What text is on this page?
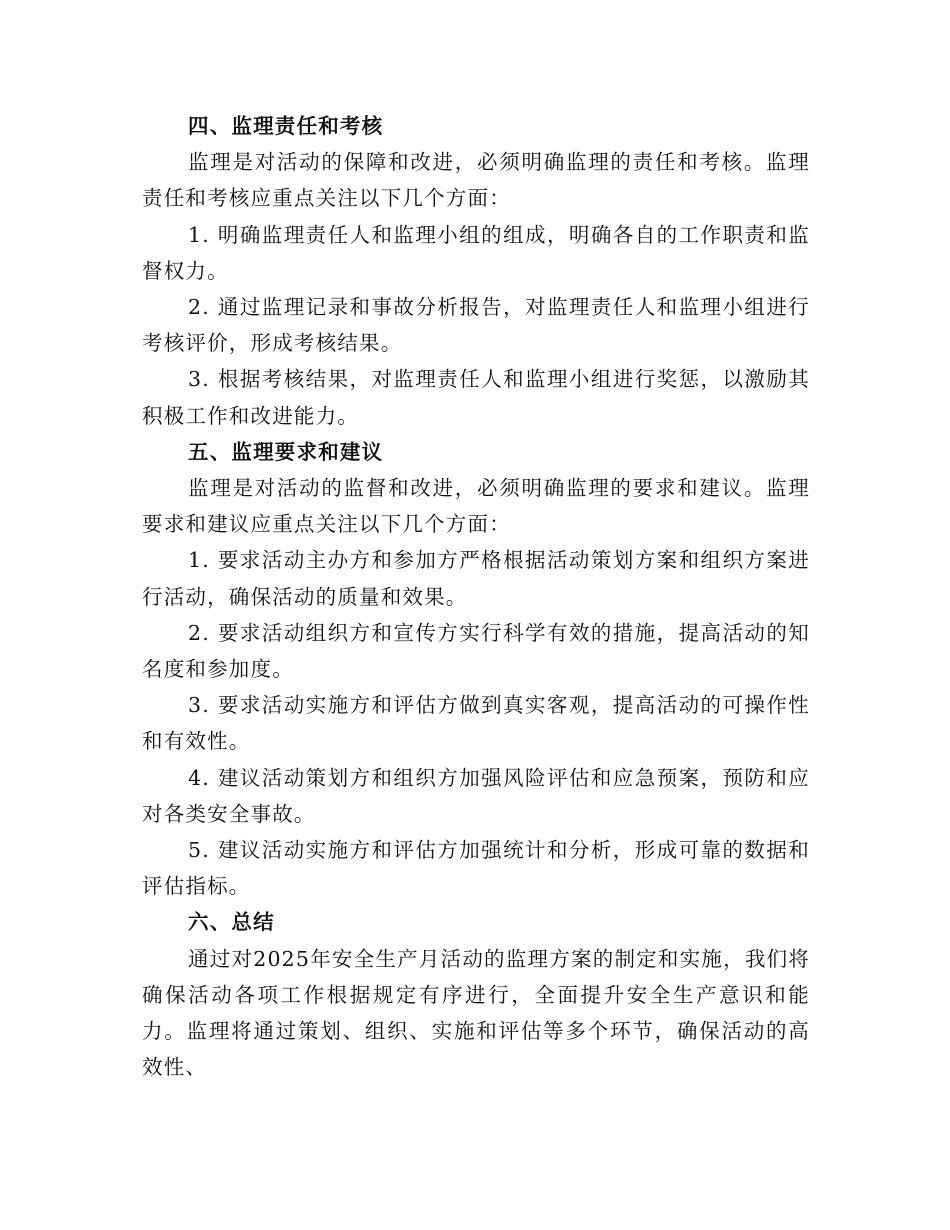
四、监理责任和考核

监理是对活动的保障和改进，必须明确监理的责任和考核。监理责任和考核应重点关注以下几个方面：

1. 明确监理责任人和监理小组的组成，明确各自的工作职责和监督权力。

2. 通过监理记录和事故分析报告，对监理责任人和监理小组进行考核评价，形成考核结果。

3. 根据考核结果，对监理责任人和监理小组进行奖惩，以激励其积极工作和改进能力。

五、监理要求和建议

监理是对活动的监督和改进，必须明确监理的要求和建议。监理要求和建议应重点关注以下几个方面：

1. 要求活动主办方和参加方严格根据活动策划方案和组织方案进行活动，确保活动的质量和效果。

2. 要求活动组织方和宣传方实行科学有效的措施，提高活动的知名度和参加度。

3. 要求活动实施方和评估方做到真实客观，提高活动的可操作性和有效性。

4. 建议活动策划方和组织方加强风险评估和应急预案，预防和应对各类安全事故。

5. 建议活动实施方和评估方加强统计和分析，形成可靠的数据和评估指标。

六、总结

通过对2025年安全生产月活动的监理方案的制定和实施，我们将确保活动各项工作根据规定有序进行，全面提升安全生产意识和能力。监理将通过策划、组织、实施和评估等多个环节，确保活动的高效性、
